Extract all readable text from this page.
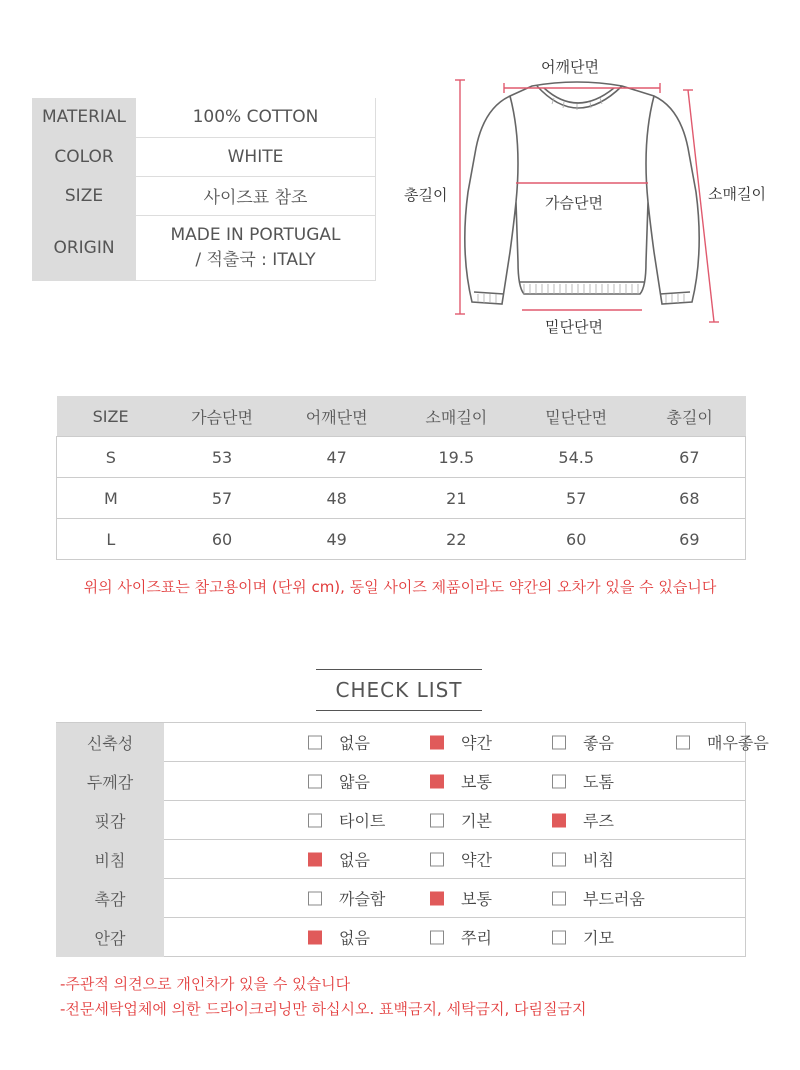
MATERIAL	100% COTTON
COLOR	WHITE
SIZE	사이즈표 참조
ORIGIN	MADE IN PORTUGAL
/ 적출국 : ITALY
어깨단면
총길이	소매길이
가슴단면
밑단단면
SIZE	가슴단면	어깨단면	소매길이	밑단단면	총길이
S	53	47	19.5	54.5	67
M	57	48	21	57	68
L	60	49	22	60	69
위의 사이즈표는 참고용이며 (단위 cm), 동일 사이즈 제품이라도 약간의 오차가 있을 수 있습니다
CHECK LIST
신축성	없음 약간 좋음 매우좋음

두께감	얇음 보통 도톰

핏감	타이트 기본 루즈

비침	없음 약간 비침

촉감	까슬함 보통 부드러움

안감	없음 쭈리 기모
-주관적 의견으로 개인차가 있을 수 있습니다
-전문세탁업체에 의한 드라이크리닝만 하십시오. 표백금지, 세탁금지, 다림질금지
